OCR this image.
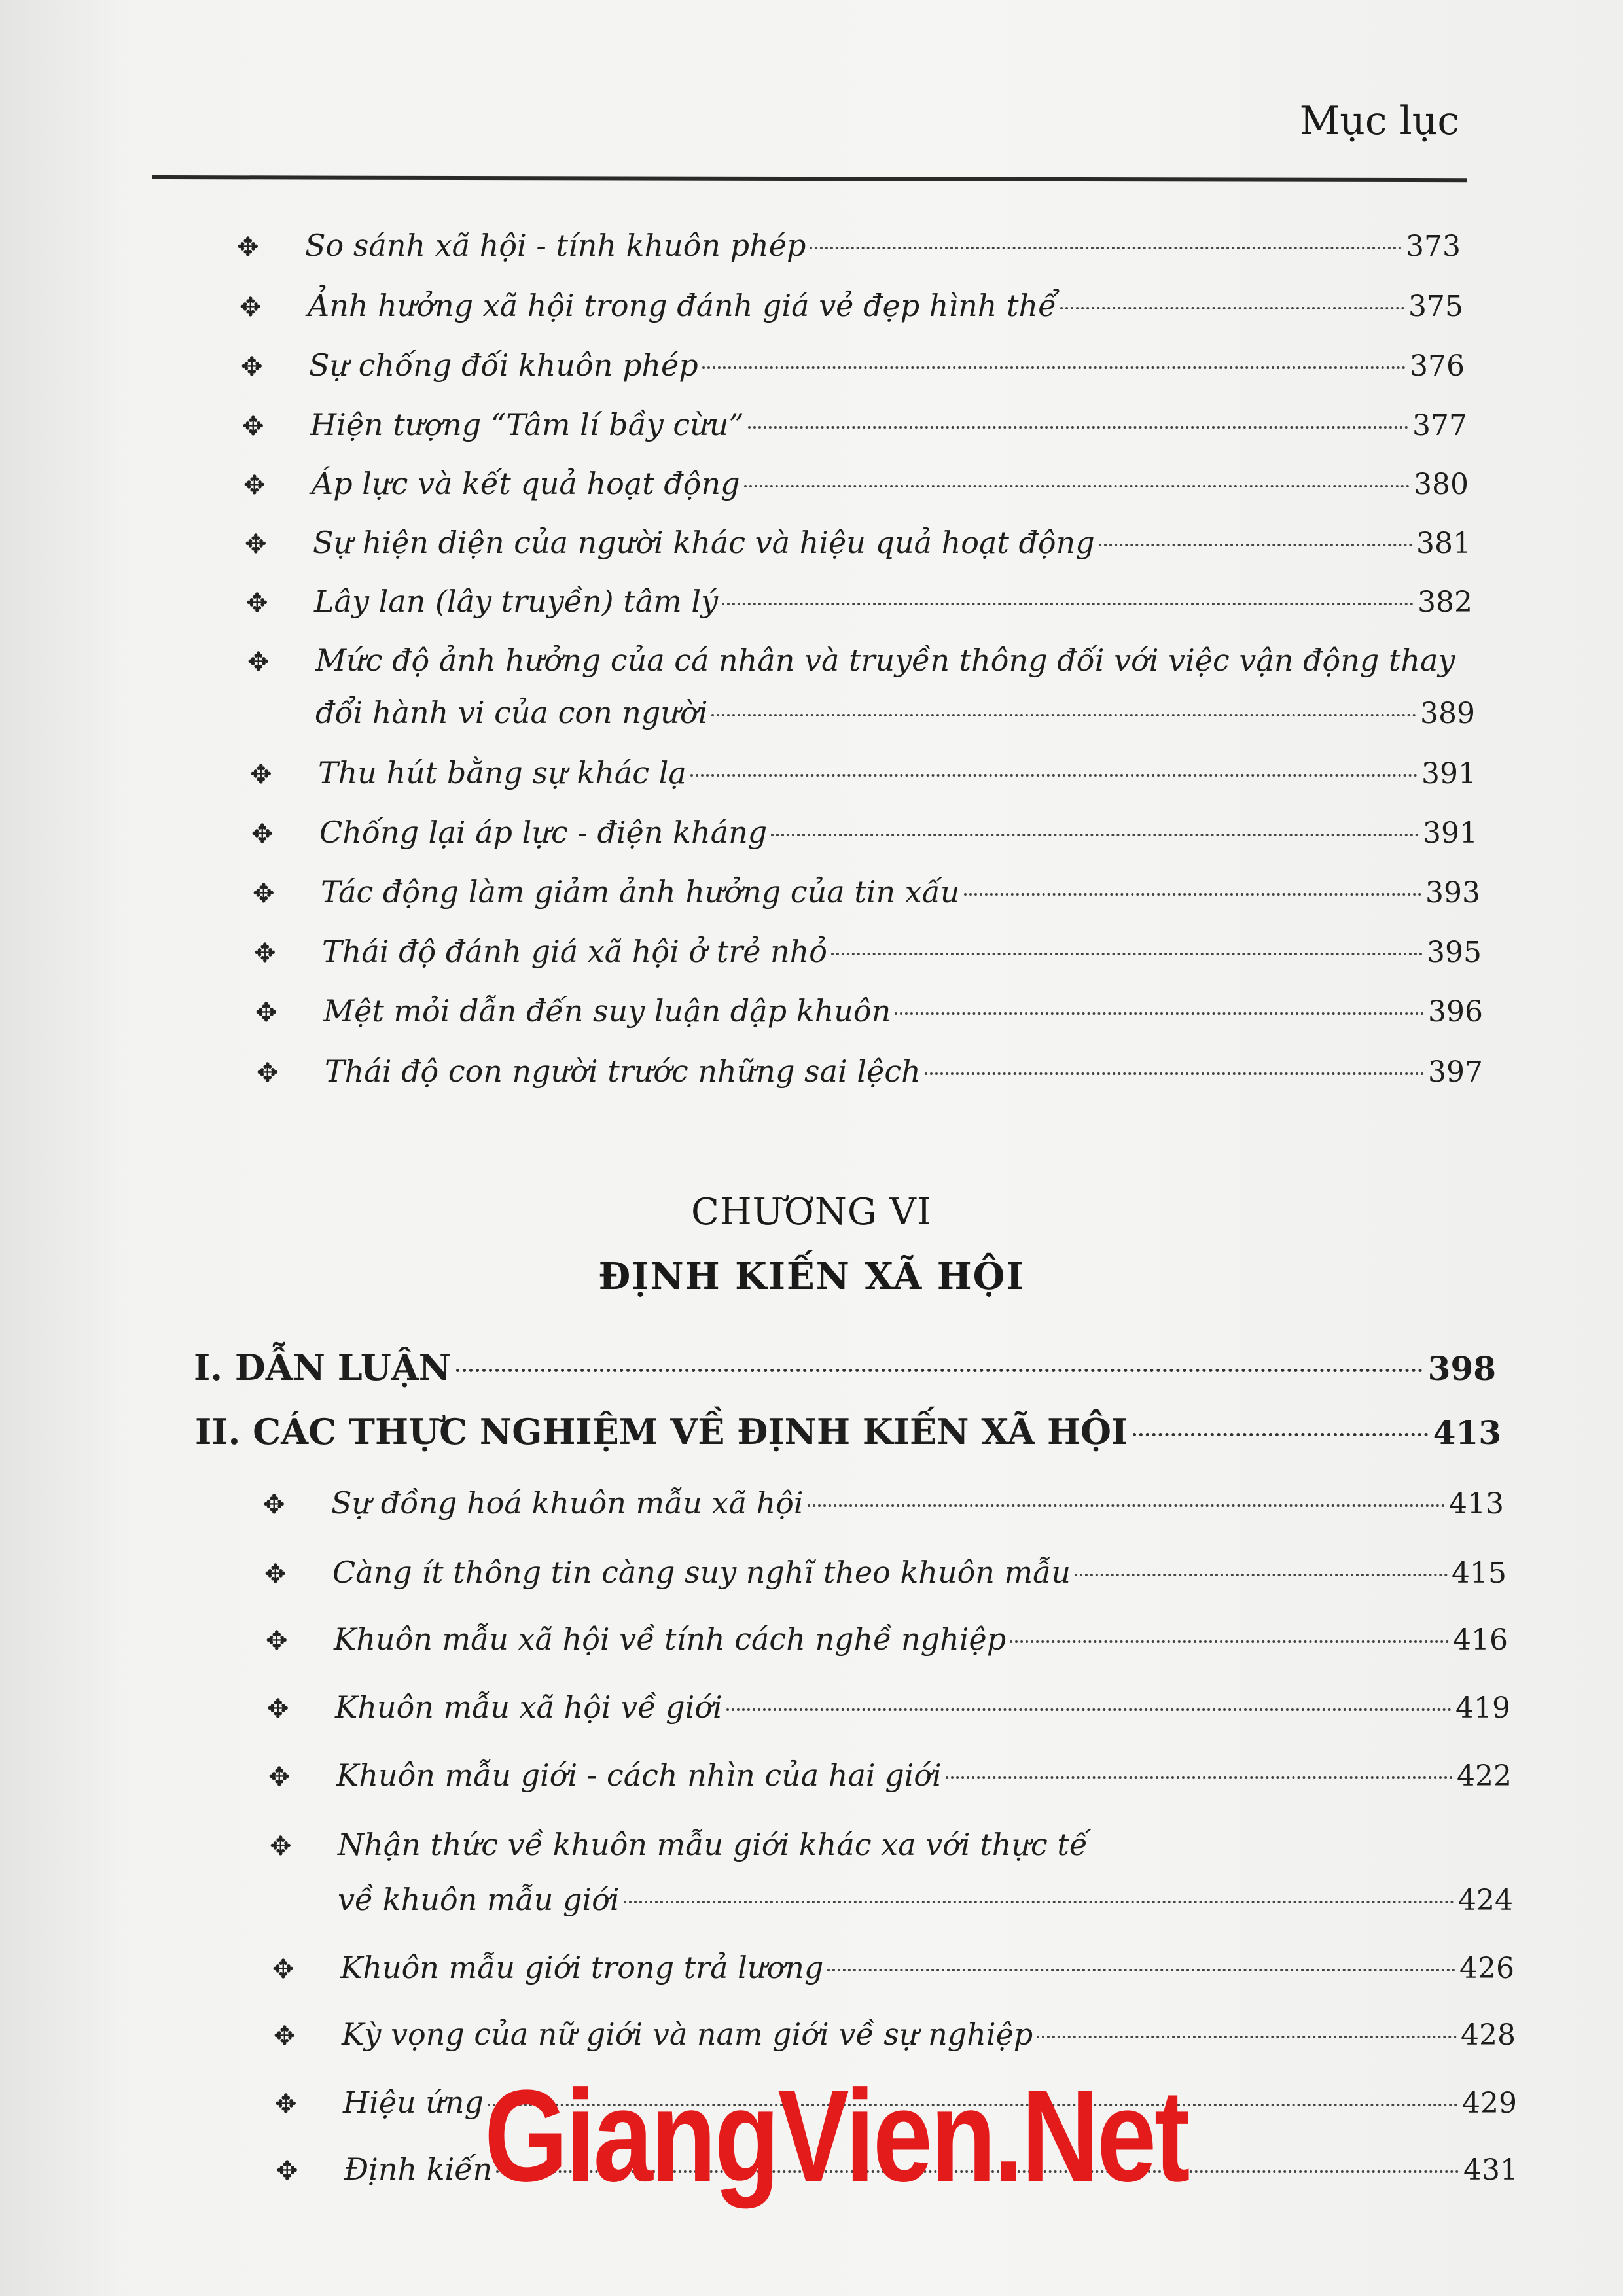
Mục lục
✥	So sánh xã hội - tính khuôn phép	373
✥	Ảnh hưởng xã hội trong đánh giá vẻ đẹp hình thể	375
✥	Sự chống đối khuôn phép	376
✥	Hiện tượng “Tâm lí bầy cừu”	377
✥	Áp lực và kết quả hoạt động	380
✥	Sự hiện diện của người khác và hiệu quả hoạt động	381
✥	Lây lan (lây truyền) tâm lý	382
✥	Mức độ ảnh hưởng của cá nhân và truyền thông đối với việc vận động thay
đổi hành vi của con người	389
✥	Thu hút bằng sự khác lạ	391
✥	Chống lại áp lực - điện kháng	391
✥	Tác động làm giảm ảnh hưởng của tin xấu	393
✥	Thái độ đánh giá xã hội ở trẻ nhỏ	395
✥	Mệt mỏi dẫn đến suy luận dập khuôn	396
✥	Thái độ con người trước những sai lệch	397
CHƯƠNG VI
ĐỊNH KIẾN XÃ HỘI
I. DẪN LUẬN	398
II. CÁC THỰC NGHIỆM VỀ ĐỊNH KIẾN XÃ HỘI	413
✥	Sự đồng hoá khuôn mẫu xã hội	413
✥	Càng ít thông tin càng suy nghĩ theo khuôn mẫu	415
✥	Khuôn mẫu xã hội về tính cách nghề nghiệp	416
✥	Khuôn mẫu xã hội về giới	419
✥	Khuôn mẫu giới - cách nhìn của hai giới	422
✥	Nhận thức về khuôn mẫu giới khác xa với thực tế
về khuôn mẫu giới	424
✥	Khuôn mẫu giới trong trả lương	426
✥	Kỳ vọng của nữ giới và nam giới về sự nghiệp	428
✥	Hiệu ứng	429
✥	Định kiến	431
GiangVien.Net
